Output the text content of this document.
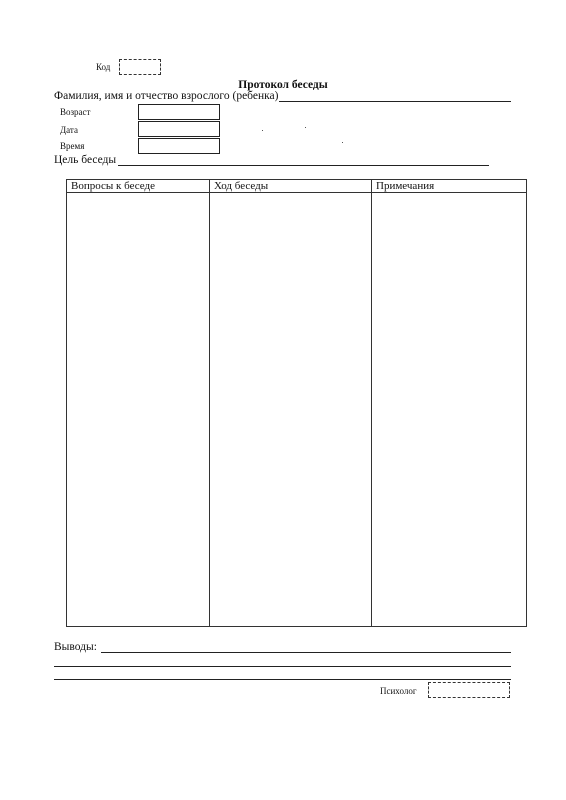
Код
Протокол беседы
Фамилия, имя и отчество взрослого (ребенка)
Возраст
Дата
Время
Цель беседы
Вопросы к беседе	Ход беседы	Примечания

Выводы:
Психолог
